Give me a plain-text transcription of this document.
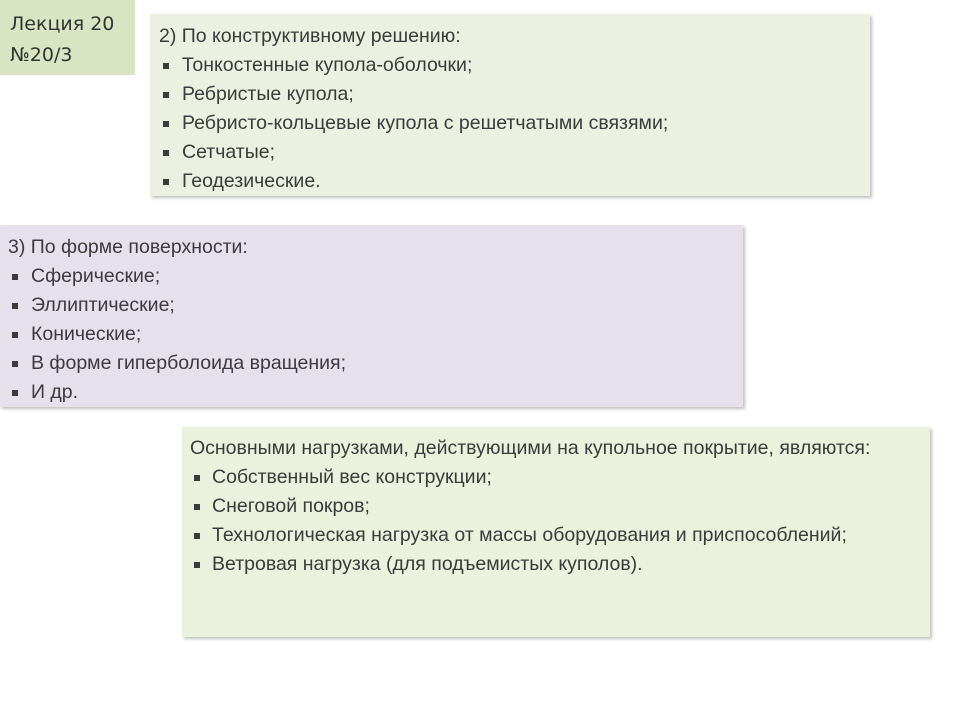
Лекция 20
№20/3
2) По конструктивному решению:
Тонкостенные купола-оболочки;
Ребристые купола;
Ребристо-кольцевые купола с решетчатыми связями;
Сетчатые;
Геодезические.
3) По форме поверхности:
Сферические;
Эллиптические;
Конические;
В форме гиперболоида вращения;
И др.
Основными нагрузками, действующими на купольное покрытие, являются:
Собственный вес конструкции;
Снеговой покров;
Технологическая нагрузка от массы оборудования и приспособлений;
Ветровая нагрузка (для подъемистых куполов).
